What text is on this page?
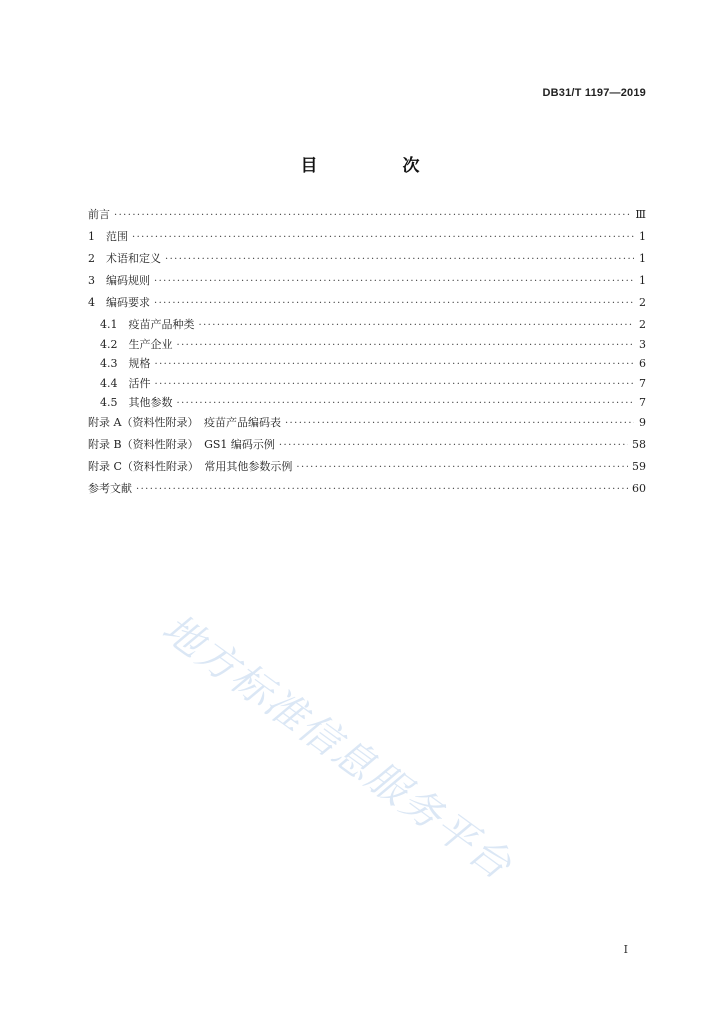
DB31/T 1197—2019
目　次
前言 ·····	Ⅲ
1　范围 ·····	1
2　术语和定义 ·····	1
3　编码规则 ·····	1
4　编码要求 ·····	2
4.1　疫苗产品种类 ·····	2
4.2　生产企业 ·····	3
4.3　规格 ·····	6
4.4　活件 ·····	7
4.5　其他参数 ·····	7
附录 A（资料性附录）　疫苗产品编码表 ·····	9
附录 B（资料性附录）　GS1 编码示例 ·····	58
附录 C（资料性附录）　常用其他参数示例 ·····	59
参考文献 ·····	60
地方标准信息服务平台
I
